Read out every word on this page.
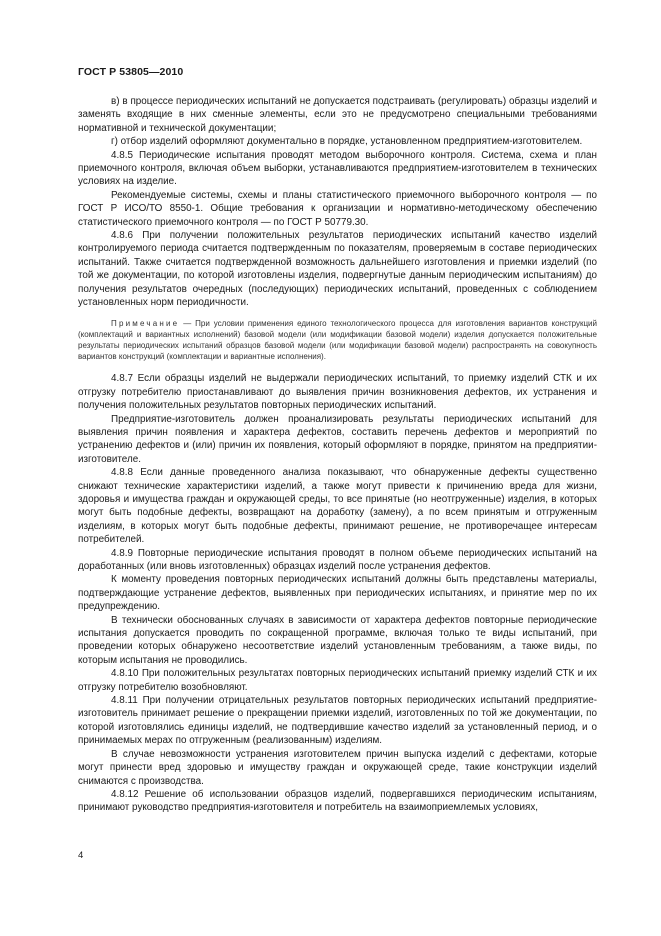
ГОСТ Р 53805—2010

в) в процессе периодических испытаний не допускается подстраивать (регулировать) образцы изделий и заменять входящие в них сменные элементы, если это не предусмотрено специальными требованиями нормативной и технической документации;

г) отбор изделий оформляют документально в порядке, установленном предприятием-изготовителем.

4.8.5 Периодические испытания проводят методом выборочного контроля. Система, схема и план приемочного контроля, включая объем выборки, устанавливаются предприятием-изготовителем в технических условиях на изделие.

Рекомендуемые системы, схемы и планы статистического приемочного выборочного контроля — по ГОСТ Р ИСО/ТО 8550-1. Общие требования к организации и нормативно-методическому обеспечению статистического приемочного контроля — по ГОСТ Р 50779.30.

4.8.6 При получении положительных результатов периодических испытаний качество изделий контролируемого периода считается подтвержденным по показателям, проверяемым в составе периодических испытаний. Также считается подтвержденной возможность дальнейшего изготовления и приемки изделий (по той же документации, по которой изготовлены изделия, подвергнутые данным периодическим испытаниям) до получения результатов очередных (последующих) периодических испытаний, проведенных с соблюдением установленных норм периодичности.

Примечание — При условии применения единого технологического процесса для изготовления вариантов конструкций (комплектаций и вариантных исполнений) базовой модели (или модификации базовой модели) изделия допускается положительные результаты периодических испытаний образцов базовой модели (или модификации базовой модели) распространять на совокупность вариантов конструкций (комплектации и вариантные исполнения).

4.8.7 Если образцы изделий не выдержали периодических испытаний, то приемку изделий СТК и их отгрузку потребителю приостанавливают до выявления причин возникновения дефектов, их устранения и получения положительных результатов повторных периодических испытаний.

Предприятие-изготовитель должен проанализировать результаты периодических испытаний для выявления причин появления и характера дефектов, составить перечень дефектов и мероприятий по устранению дефектов и (или) причин их появления, который оформляют в порядке, принятом на предприятии-изготовителе.

4.8.8 Если данные проведенного анализа показывают, что обнаруженные дефекты существенно снижают технические характеристики изделий, а также могут привести к причинению вреда для жизни, здоровья и имущества граждан и окружающей среды, то все принятые (но неотгруженные) изделия, в которых могут быть подобные дефекты, возвращают на доработку (замену), а по всем принятым и отгруженным изделиям, в которых могут быть подобные дефекты, принимают решение, не противоречащее интересам потребителей.

4.8.9 Повторные периодические испытания проводят в полном объеме периодических испытаний на доработанных (или вновь изготовленных) образцах изделий после устранения дефектов.

К моменту проведения повторных периодических испытаний должны быть представлены материалы, подтверждающие устранение дефектов, выявленных при периодических испытаниях, и принятие мер по их предупреждению.

В технически обоснованных случаях в зависимости от характера дефектов повторные периодические испытания допускается проводить по сокращенной программе, включая только те виды испытаний, при проведении которых обнаружено несоответствие изделий установленным требованиям, а также виды, по которым испытания не проводились.

4.8.10 При положительных результатах повторных периодических испытаний приемку изделий СТК и их отгрузку потребителю возобновляют.

4.8.11 При получении отрицательных результатов повторных периодических испытаний предприятие-изготовитель принимает решение о прекращении приемки изделий, изготовленных по той же документации, по которой изготовлялись единицы изделий, не подтвердившие качество изделий за установленный период, и о принимаемых мерах по отгруженным (реализованным) изделиям.

В случае невозможности устранения изготовителем причин выпуска изделий с дефектами, которые могут принести вред здоровью и имуществу граждан и окружающей среде, такие конструкции изделий снимаются с производства.

4.8.12 Решение об использовании образцов изделий, подвергавшихся периодическим испытаниям, принимают руководство предприятия-изготовителя и потребитель на взаимоприемлемых условиях,

4
